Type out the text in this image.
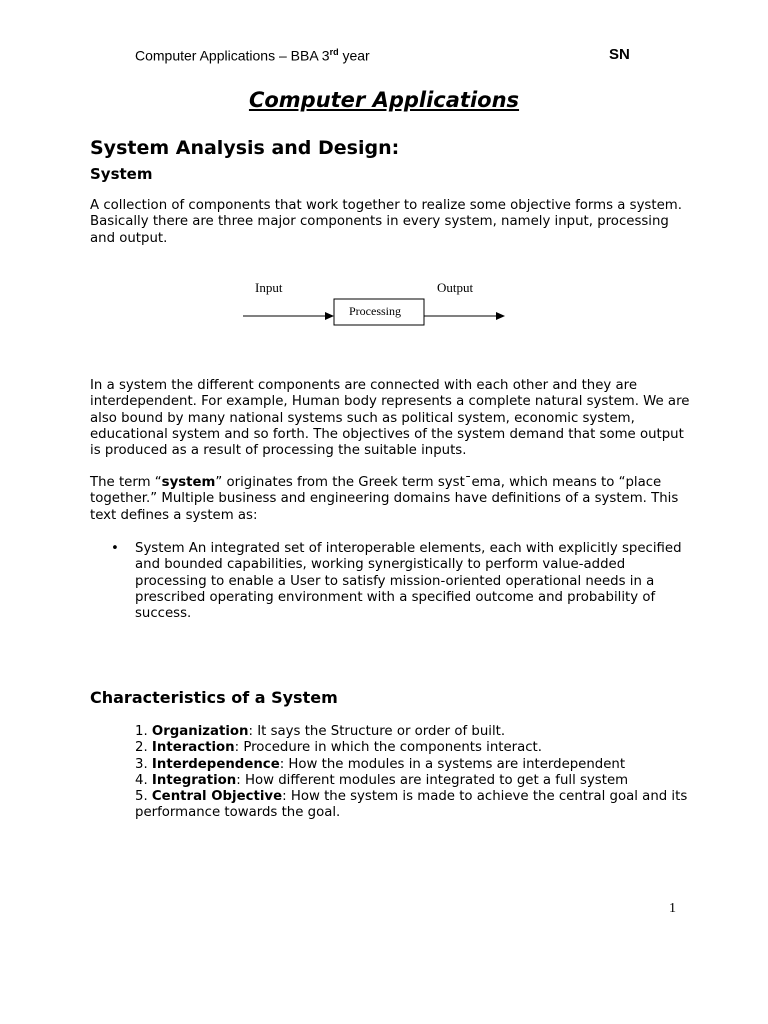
Computer Applications – BBA 3rd year	SN
Computer Applications
System Analysis and Design:
System
A collection of components that work together to realize some objective forms a system. Basically there are three major components in every system, namely input, processing and output.
Input	Output
Processing
In a system the different components are connected with each other and they are interdependent. For example, Human body represents a complete natural system. We are also bound by many national systems such as political system, economic system, educational system and so forth. The objectives of the system demand that some output is produced as a result of processing the suitable inputs.
The term “system” originates from the Greek term systˉema, which means to “place together.” Multiple business and engineering domains have definitions of a system. This text defines a system as:
• System An integrated set of interoperable elements, each with explicitly specified and bounded capabilities, working synergistically to perform value-added processing to enable a User to satisfy mission-oriented operational needs in a prescribed operating environment with a specified outcome and probability of success.
Characteristics of a System
1. Organization: It says the Structure or order of built.
2. Interaction: Procedure in which the components interact.
3. Interdependence: How the modules in a systems are interdependent
4. Integration: How different modules are integrated to get a full system
5. Central Objective: How the system is made to achieve the central goal and its performance towards the goal.
1
